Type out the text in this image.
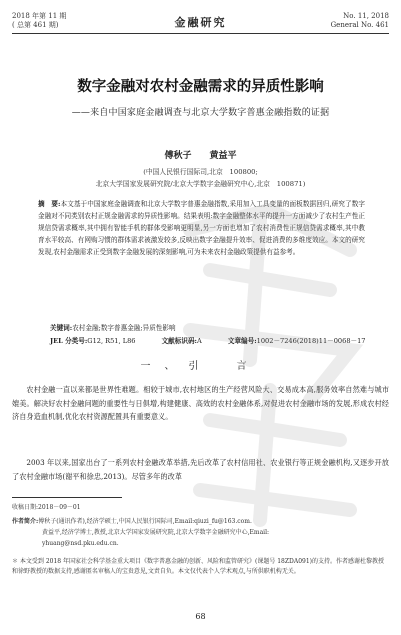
2018 年第 11 期
( 总第 461 期)	金融研究	No. 11, 2018
General No. 461
数字金融对农村金融需求的异质性影响
——来自中国家庭金融调查与北京大学数字普惠金融指数的证据
傅秋子　　黄益平
(中国人民银行国际司,北京　100800;
北京大学国家发展研究院/北京大学数字金融研究中心,北京　100871)
摘　要:本文基于中国家庭金融调查和北京大学数字普惠金融指数,采用加入工具变量的面板数据回归,研究了数字金融对不同类别农村正规金融需求的异质性影响。结果表明:数字金融整体水平的提升一方面减少了农村生产性正规信贷需求概率,其中拥有智能手机的群体受影响更明显,另一方面也增加了农村消费性正规信贷需求概率,其中教育水平较高、有网购习惯的群体需求被激发较多,反映出数字金融提升效率、促进消费的多维度效应。本文的研究发现,农村金融需求正受到数字金融发展的深刻影响,可为未来农村金融政策提供有益参考。
关键词:农村金融;数字普惠金融;异质性影响
JEL 分类号:G12, R51, L86	文献标识码:A	文章编号:1002－7246(2018)11－0068－17
一、引　言
农村金融一直以来都是世界性难题。相较于城市,农村地区的生产经营风险大、交易成本高,服务效率自然难与城市媲美。解决好农村金融问题的重要性与日俱增,构建健康、高效的农村金融体系,对促进农村金融市场的发展,形成农村经济自身造血机制,优化农村资源配置具有重要意义。
2003 年以来,国家出台了一系列农村金融改革举措,先后改革了农村信用社、农业银行等正规金融机构,又逐步开放了农村金融市场(谢平和徐忠,2013)。尽管多年的改革
收稿日期:2018－09－01
作者简介:傅秋子(通讯作者),经济学硕士,中国人民银行国际司,Email:qiuzi_fu@163.com.
黄益平,经济学博士,教授,北京大学国家发展研究院,北京大学数字金融研究中心,Email:
yhuang@nsd.pku.edu.cn.
＊ 本文受到 2018 年国家社会科学基金重大项目《数字普惠金融的创新、风险和监管研究》(课题号 18ZDA091)的支持。作者感谢杜黎教授和徐野教授的数据支持,感谢匿名审稿人的宝贵意见,文责自负。本文仅代表个人学术观点,与所供职机构无关。
68
